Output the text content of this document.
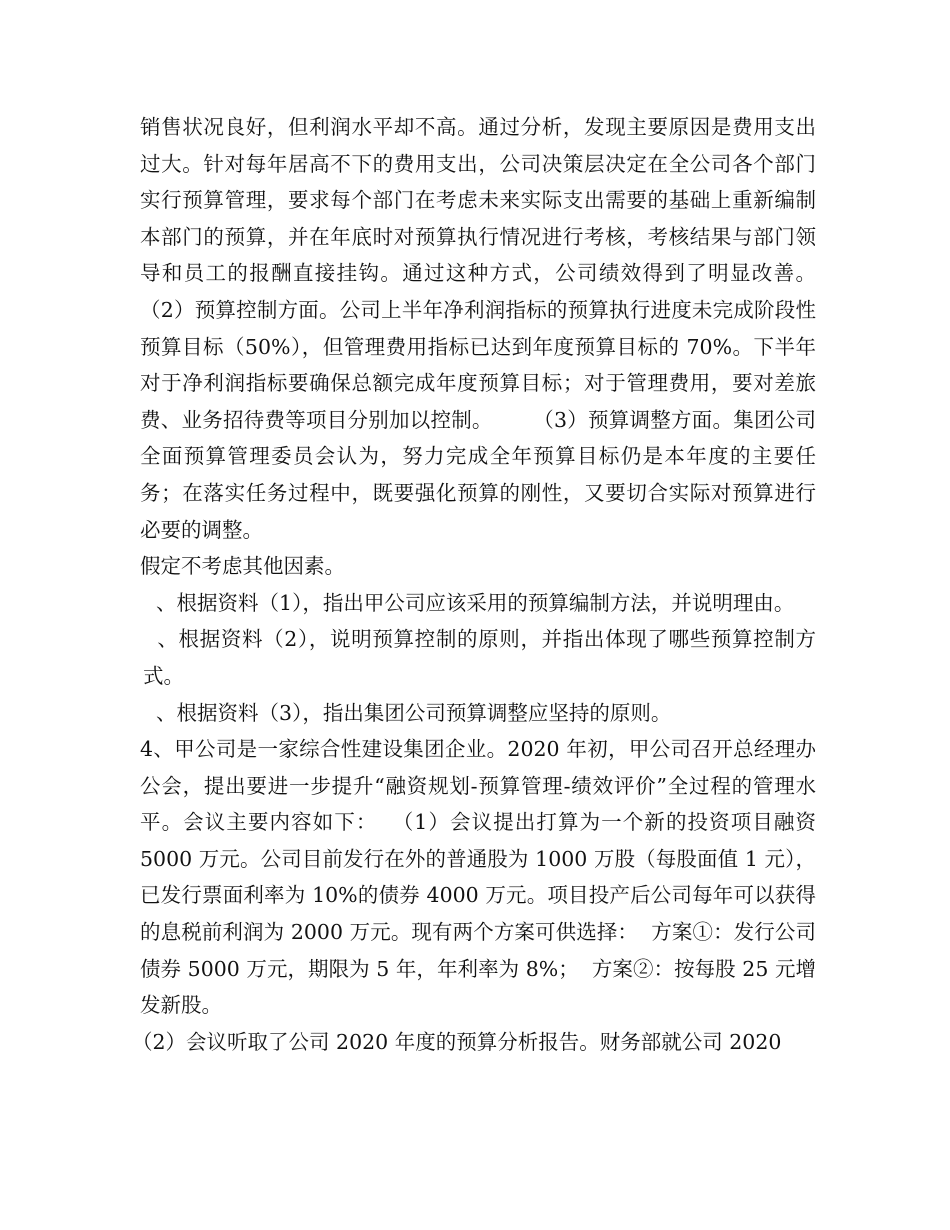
销售状况良好，但利润水平却不高。通过分析，发现主要原因是费用支出过大。针对每年居高不下的费用支出，公司决策层决定在全公司各个部门实行预算管理，要求每个部门在考虑未来实际支出需要的基础上重新编制本部门的预算，并在年底时对预算执行情况进行考核，考核结果与部门领导和员工的报酬直接挂钩。通过这种方式，公司绩效得到了明显改善。      （2）预算控制方面。公司上半年净利润指标的预算执行进度未完成阶段性预算目标（50%），但管理费用指标已达到年度预算目标的 70%。下半年对于净利润指标要确保总额完成年度预算目标；对于管理费用，要对差旅费、业务招待费等项目分别加以控制。      （3）预算调整方面。集团公司全面预算管理委员会认为，努力完成全年预算目标仍是本年度的主要任务；在落实任务过程中，既要强化预算的刚性，又要切合实际对预算进行必要的调整。

假定不考虑其他因素。

、根据资料（1），指出甲公司应该采用的预算编制方法，并说明理由。

、根据资料（2），说明预算控制的原则，并指出体现了哪些预算控制方式。

、根据资料（3），指出集团公司预算调整应坚持的原则。

4、甲公司是一家综合性建设集团企业。2020 年初，甲公司召开总经理办公会，提出要进一步提升“融资规划-预算管理-绩效评价”全过程的管理水平。会议主要内容如下：  （1）会议提出打算为一个新的投资项目融资 5000 万元。公司目前发行在外的普通股为 1000 万股（每股面值 1 元），已发行票面利率为 10%的债券 4000 万元。项目投产后公司每年可以获得的息税前利润为 2000 万元。现有两个方案可供选择：  方案①：发行公司债券 5000 万元，期限为 5 年，年利率为 8%；  方案②：按每股 25 元增发新股。

（2）会议听取了公司 2020 年度的预算分析报告。财务部就公司 2020
